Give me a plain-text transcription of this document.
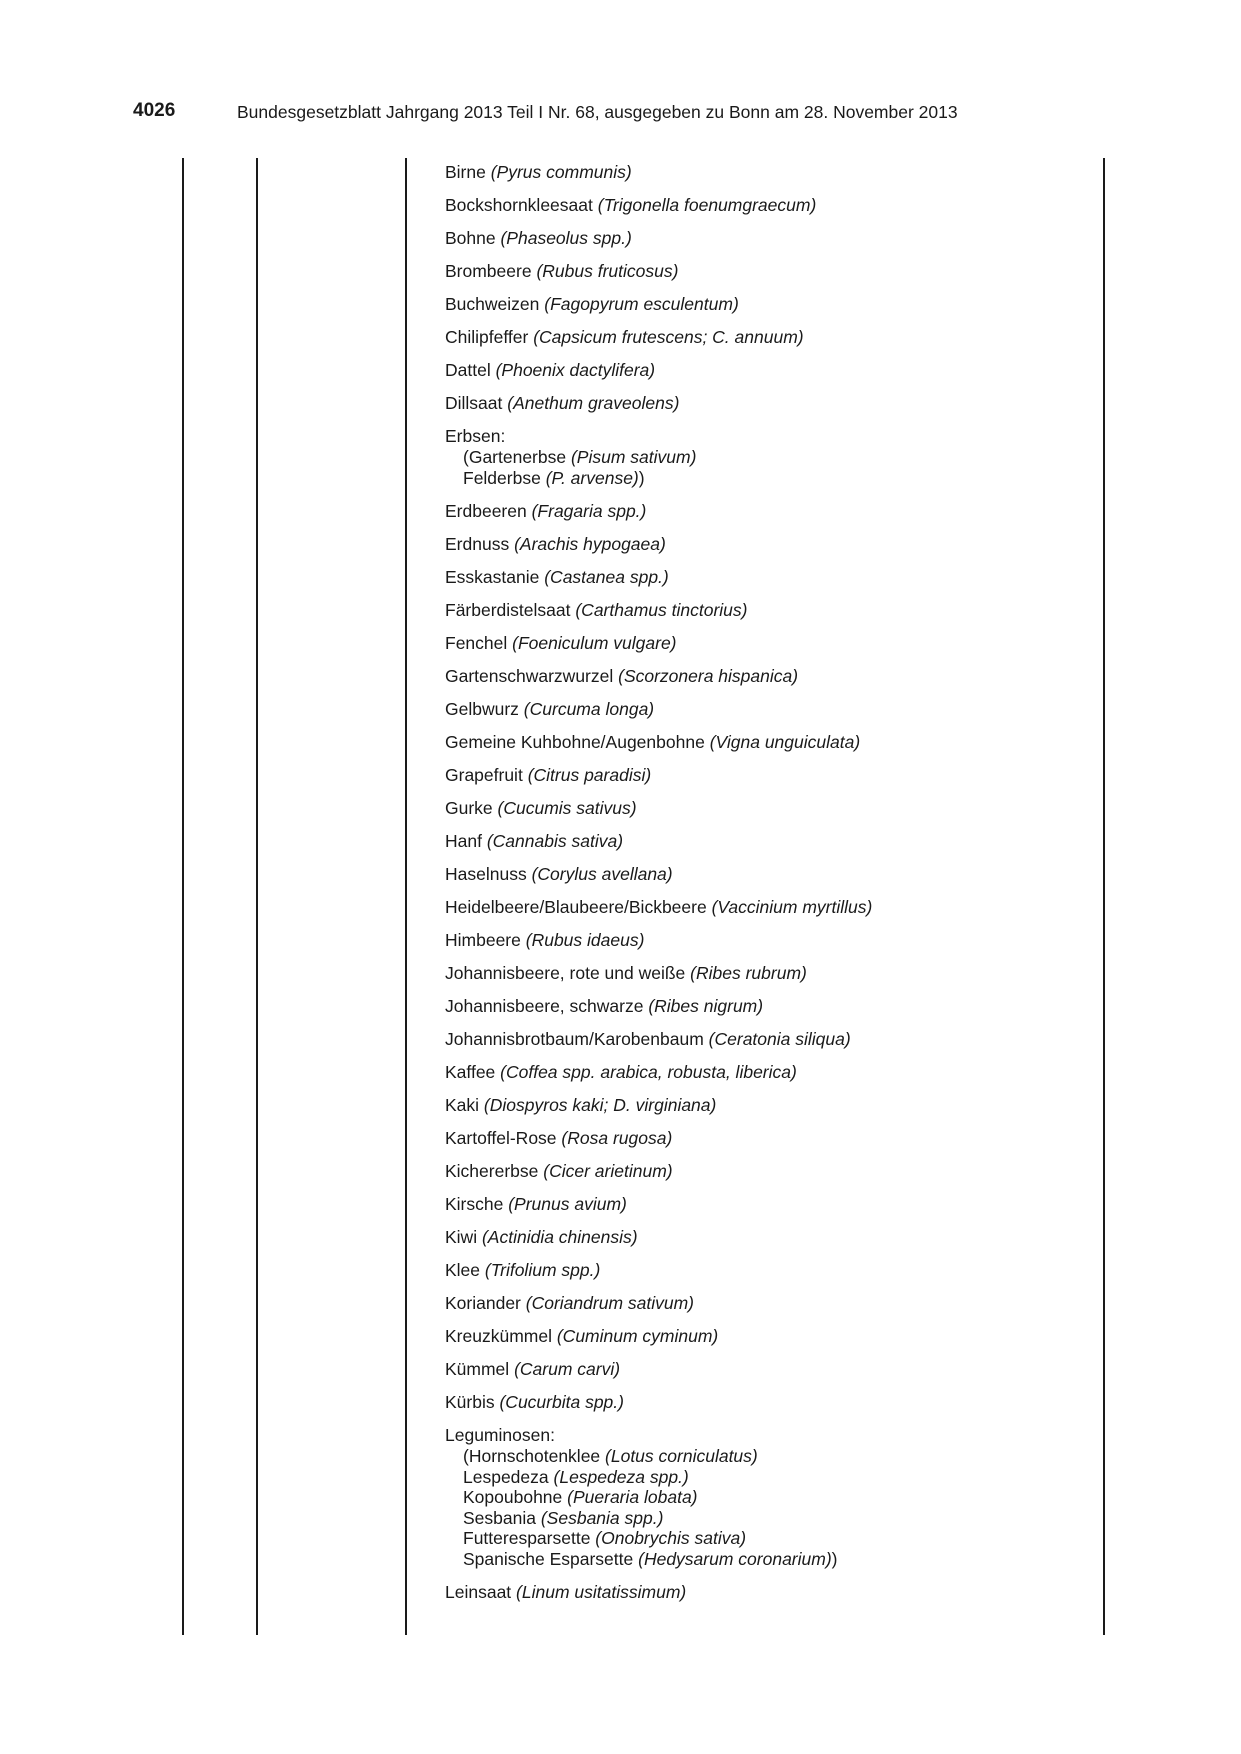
4026	Bundesgesetzblatt Jahrgang 2013 Teil I Nr. 68, ausgegeben zu Bonn am 28. November 2013
Birne (Pyrus communis)
Bockshornkleesaat (Trigonella foenumgraecum)
Bohne (Phaseolus spp.)
Brombeere (Rubus fruticosus)
Buchweizen (Fagopyrum esculentum)
Chilipfeffer (Capsicum frutescens; C. annuum)
Dattel (Phoenix dactylifera)
Dillsaat (Anethum graveolens)
Erbsen:
(Gartenerbse (Pisum sativum)
Felderbse (P. arvense))
Erdbeeren (Fragaria spp.)
Erdnuss (Arachis hypogaea)
Esskastanie (Castanea spp.)
Färberdistelsaat (Carthamus tinctorius)
Fenchel (Foeniculum vulgare)
Gartenschwarzwurzel (Scorzonera hispanica)
Gelbwurz (Curcuma longa)
Gemeine Kuhbohne/Augenbohne (Vigna unguiculata)
Grapefruit (Citrus paradisi)
Gurke (Cucumis sativus)
Hanf (Cannabis sativa)
Haselnuss (Corylus avellana)
Heidelbeere/Blaubeere/Bickbeere (Vaccinium myrtillus)
Himbeere (Rubus idaeus)
Johannisbeere, rote und weiße (Ribes rubrum)
Johannisbeere, schwarze (Ribes nigrum)
Johannisbrotbaum/Karobenbaum (Ceratonia siliqua)
Kaffee (Coffea spp. arabica, robusta, liberica)
Kaki (Diospyros kaki; D. virginiana)
Kartoffel-Rose (Rosa rugosa)
Kichererbse (Cicer arietinum)
Kirsche (Prunus avium)
Kiwi (Actinidia chinensis)
Klee (Trifolium spp.)
Koriander (Coriandrum sativum)
Kreuzkümmel (Cuminum cyminum)
Kümmel (Carum carvi)
Kürbis (Cucurbita spp.)
Leguminosen:
(Hornschotenklee (Lotus corniculatus)
Lespedeza (Lespedeza spp.)
Kopoubohne (Pueraria lobata)
Sesbania (Sesbania spp.)
Futteresparsette (Onobrychis sativa)
Spanische Esparsette (Hedysarum coronarium))
Leinsaat (Linum usitatissimum)
